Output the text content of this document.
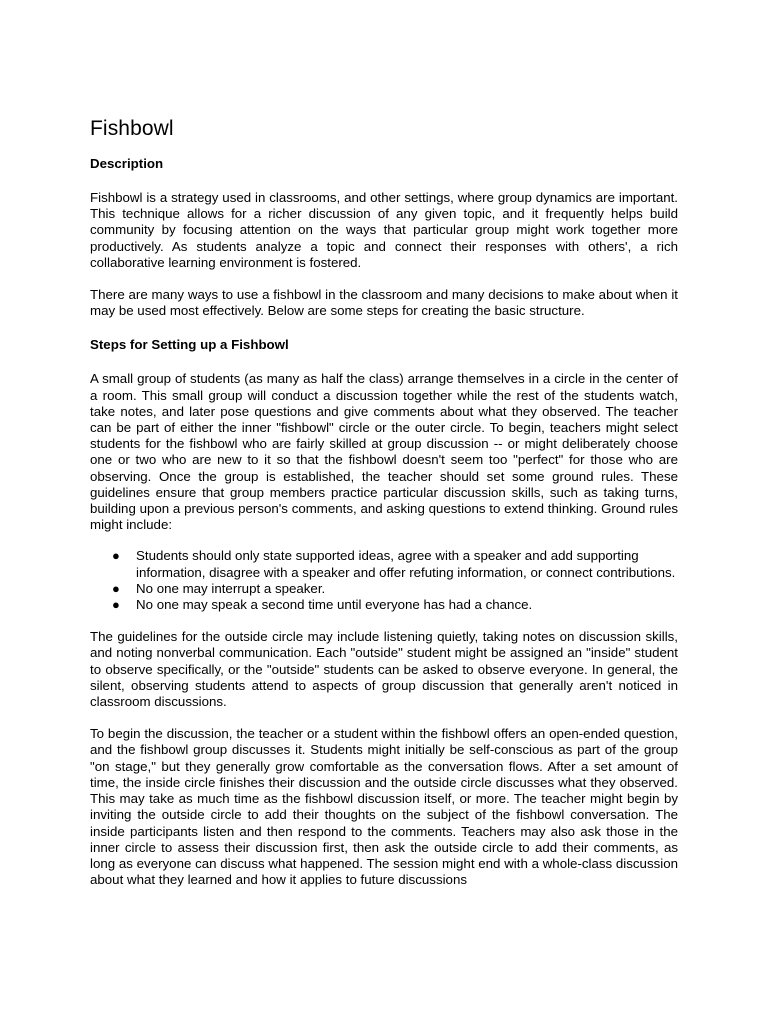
Fishbowl
Description

Fishbowl is a strategy used in classrooms, and other settings, where group dynamics are important. This technique allows for a richer discussion of any given topic, and it frequently helps build community by focusing attention on the ways that particular group might work together more productively. As students analyze a topic and connect their responses with others', a rich collaborative learning environment is fostered.

There are many ways to use a fishbowl in the classroom and many decisions to make about when it may be used most effectively. Below are some steps for creating the basic structure.

Steps for Setting up a Fishbowl

A small group of students (as many as half the class) arrange themselves in a circle in the center of a room. This small group will conduct a discussion together while the rest of the students watch, take notes, and later pose questions and give comments about what they observed. The teacher can be part of either the inner "fishbowl" circle or the outer circle. To begin, teachers might select students for the fishbowl who are fairly skilled at group discussion -- or might deliberately choose one or two who are new to it so that the fishbowl doesn't seem too "perfect" for those who are observing. Once the group is established, the teacher should set some ground rules. These guidelines ensure that group members practice particular discussion skills, such as taking turns, building upon a previous person's comments, and asking questions to extend thinking. Ground rules might include:

● Students should only state supported ideas, agree with a speaker and add supporting information, disagree with a speaker and offer refuting information, or connect contributions.
● No one may interrupt a speaker.
● No one may speak a second time until everyone has had a chance.

The guidelines for the outside circle may include listening quietly, taking notes on discussion skills, and noting nonverbal communication. Each "outside" student might be assigned an "inside" student to observe specifically, or the "outside" students can be asked to observe everyone. In general, the silent, observing students attend to aspects of group discussion that generally aren't noticed in classroom discussions.

To begin the discussion, the teacher or a student within the fishbowl offers an open-ended question, and the fishbowl group discusses it. Students might initially be self-conscious as part of the group "on stage," but they generally grow comfortable as the conversation flows. After a set amount of time, the inside circle finishes their discussion and the outside circle discusses what they observed. This may take as much time as the fishbowl discussion itself, or more. The teacher might begin by inviting the outside circle to add their thoughts on the subject of the fishbowl conversation. The inside participants listen and then respond to the comments. Teachers may also ask those in the inner circle to assess their discussion first, then ask the outside circle to add their comments, as long as everyone can discuss what happened. The session might end with a whole-class discussion about what they learned and how it applies to future discussions
